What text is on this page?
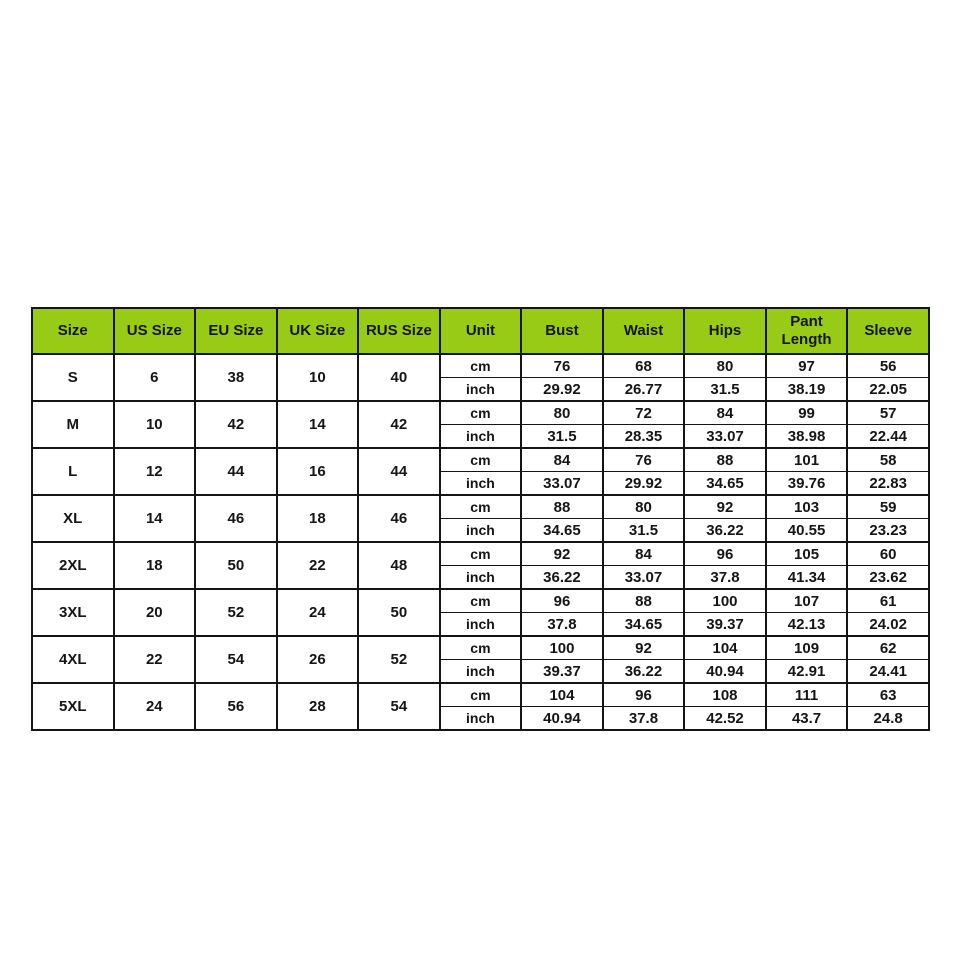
Size	US Size	EU Size	UK Size	RUS Size	Unit	Bust	Waist	Hips	Pant Length	Sleeve
S	6	38	10	40	cm	76	68	80	97	56
					inch	29.92	26.77	31.5	38.19	22.05
M	10	42	14	42	cm	80	72	84	99	57
					inch	31.5	28.35	33.07	38.98	22.44
L	12	44	16	44	cm	84	76	88	101	58
					inch	33.07	29.92	34.65	39.76	22.83
XL	14	46	18	46	cm	88	80	92	103	59
					inch	34.65	31.5	36.22	40.55	23.23
2XL	18	50	22	48	cm	92	84	96	105	60
					inch	36.22	33.07	37.8	41.34	23.62
3XL	20	52	24	50	cm	96	88	100	107	61
					inch	37.8	34.65	39.37	42.13	24.02
4XL	22	54	26	52	cm	100	92	104	109	62
					inch	39.37	36.22	40.94	42.91	24.41
5XL	24	56	28	54	cm	104	96	108	111	63
					inch	40.94	37.8	42.52	43.7	24.8
